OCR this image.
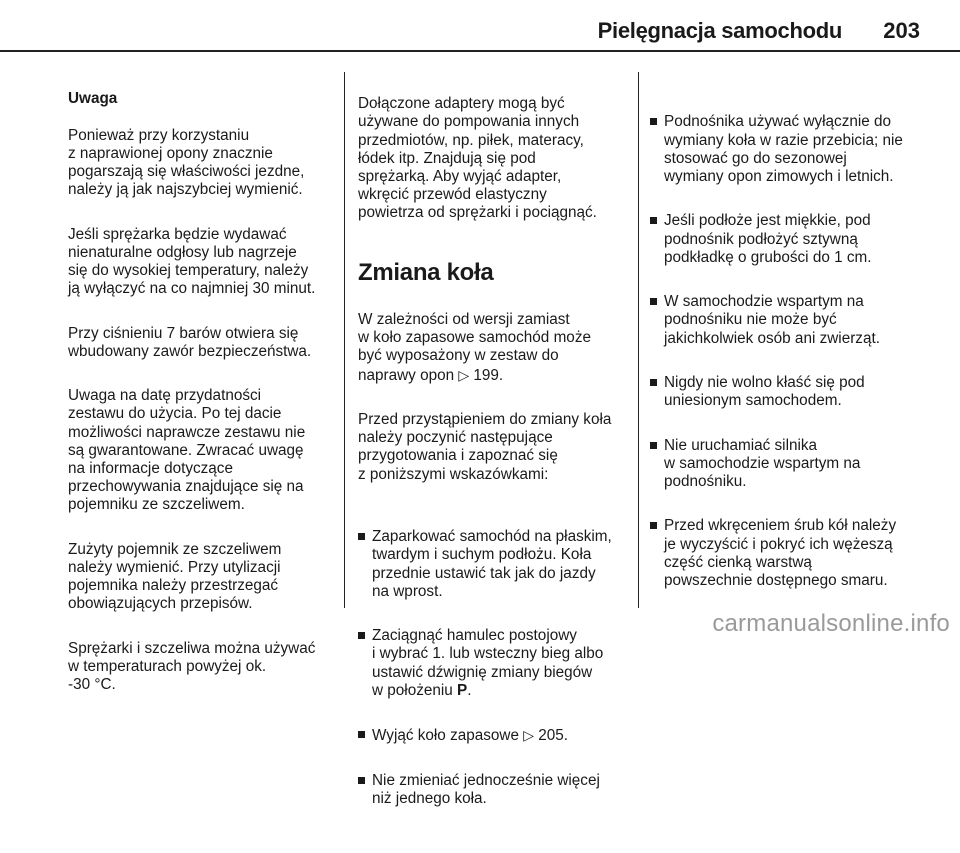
Pielęgnacja samochodu 203

Uwaga

Ponieważ przy korzystaniu
z naprawionej opony znacznie
pogarszają się właściwości jezdne,
należy ją jak najszybciej wymienić.

Jeśli sprężarka będzie wydawać
nienaturalne odgłosy lub nagrzeje
się do wysokiej temperatury, należy
ją wyłączyć na co najmniej 30 minut.

Przy ciśnieniu 7 barów otwiera się
wbudowany zawór bezpieczeństwa.

Uwaga na datę przydatności
zestawu do użycia. Po tej dacie
możliwości naprawcze zestawu nie
są gwarantowane. Zwracać uwagę
na informacje dotyczące
przechowywania znajdujące się na
pojemniku ze szczeliwem.

Zużyty pojemnik ze szczeliwem
należy wymienić. Przy utylizacji
pojemnika należy przestrzegać
obowiązujących przepisów.

Sprężarki i szczeliwa można używać
w temperaturach powyżej ok.
-30 °C.

Dołączone adaptery mogą być
używane do pompowania innych
przedmiotów, np. piłek, materacy,
łódek itp. Znajdują się pod
sprężarką. Aby wyjąć adapter,
wkręcić przewód elastyczny
powietrza od sprężarki i pociągnąć.

Zmiana koła

W zależności od wersji zamiast
w koło zapasowe samochód może
być wyposażony w zestaw do
naprawy opon ▷ 199.

Przed przystąpieniem do zmiany koła
należy poczynić następujące
przygotowania i zapoznać się
z poniższymi wskazówkami:

Zaparkować samochód na płaskim,
twardym i suchym podłożu. Koła
przednie ustawić tak jak do jazdy
na wprost.

Zaciągnąć hamulec postojowy
i wybrać 1. lub wsteczny bieg albo
ustawić dźwignię zmiany biegów
w położeniu P.

Wyjąć koło zapasowe ▷ 205.

Nie zmieniać jednocześnie więcej
niż jednego koła.

Podnośnika używać wyłącznie do
wymiany koła w razie przebicia; nie
stosować go do sezonowej
wymiany opon zimowych i letnich.

Jeśli podłoże jest miękkie, pod
podnośnik podłożyć sztywną
podkładkę o grubości do 1 cm.

W samochodzie wspartym na
podnośniku nie może być
jakichkolwiek osób ani zwierząt.

Nigdy nie wolno kłaść się pod
uniesionym samochodem.

Nie uruchamiać silnika
w samochodzie wspartym na
podnośniku.

Przed wkręceniem śrub kół należy
je wyczyścić i pokryć ich wężeszą
część cienką warstwą
powszechnie dostępnego smaru.

carmanualsonline.info
